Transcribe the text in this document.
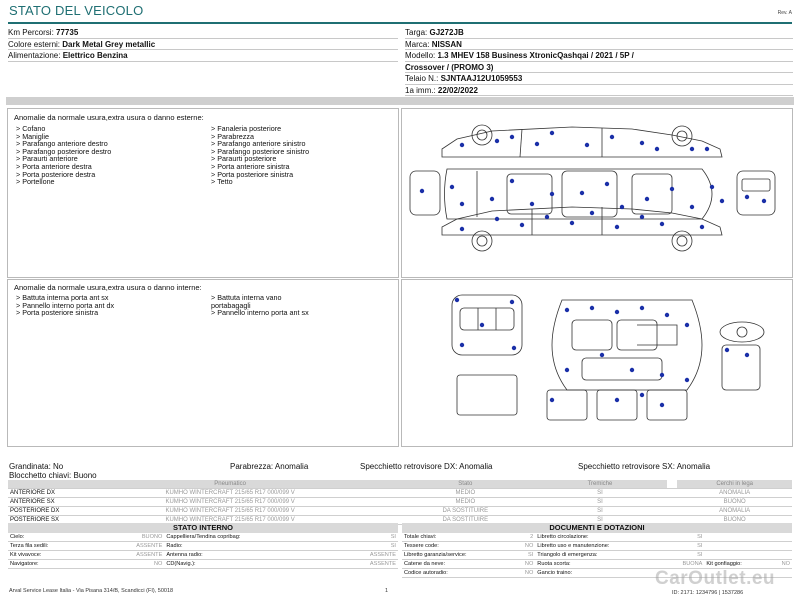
STATO DEL VEICOLO	Rev. A
Km Percorsi: 77735
Colore esterni: Dark Metal Grey metallic
Alimentazione: Elettrico Benzina
Targa: GJ272JB
Marca: NISSAN
Modello: 1.3 MHEV 158 Business XtronicQashqai / 2021 / 5P /
Crossover / (PROMO 3)
Telaio N.: SJNTAAJ12U1059553
1a imm.: 22/02/2022
Anomalie da normale usura,extra usura o danno esterne:
> Cofano
> Maniglie
> Parafango anteriore destro
> Parafango posteriore destro
> Paraurti anteriore
> Porta anteriore destra
> Porta posteriore destra
> Portellone
> Fanaleria posteriore
> Parabrezza
> Parafango anteriore sinistro
> Parafango posteriore sinistro
> Paraurti posteriore
> Porta anteriore sinistra
> Porta posteriore sinistra
> Tetto
Anomalie da normale usura,extra usura o danno interne:
> Battuta interna porta ant sx
> Pannello interno porta ant dx
> Porta posteriore sinistra
> Battuta interna vano
portabagagli
> Pannello interno porta ant sx
Grandinata: No	Parabrezza: Anomalia	Specchietto retrovisore DX: Anomalia	Specchietto retrovisore SX: Anomalia
Blocchetto chiavi: Buono
	Pneumatico	Stato	Tremiche		Cerchi in lega
ANTERIORE DX	KUMHO WINTERCRAFT 215/65 R17 000/099 V	MEDIO	SI		ANOMALIA
ANTERIORE SX	KUMHO WINTERCRAFT 215/65 R17 000/099 V	MEDIO	SI		BUONO
POSTERIORE DX	KUMHO WINTERCRAFT 215/65 R17 000/099 V	DA SOSTITUIRE	SI		ANOMALIA
POSTERIORE SX	KUMHO WINTERCRAFT 215/65 R17 000/099 V	DA SOSTITUIRE	SI		BUONO
STATO INTERNO
Cielo:	BUONO	Cappelliera/Tendina copribag:	SI
Terza fila sedili:	ASSENTE	Radio:	SI
Kit vivavoce:	ASSENTE	Antenna radio:	ASSENTE
Navigatore:	NO	CD(Navig.):	ASSENTE
DOCUMENTI E DOTAZIONI
Totale chiavi:	2	Libretto circolazione:	SI		
Tessere code:	NO	Libretto uso e manutenzione:	SI		
Libretto garanzia/service:	SI	Triangolo di emergenza:	SI		
Catene da neve:	NO	Ruota scorta:	BUONA	Kit gonfiaggio:	NO
Codice autoradio:	NO	Gancio traino:			
Arval Service Lease Italia - Via Pisana 314/B, Scandicci (FI), 50018	1	ID: 2171: 1234796 | 1537286
CarOutlet.eu
